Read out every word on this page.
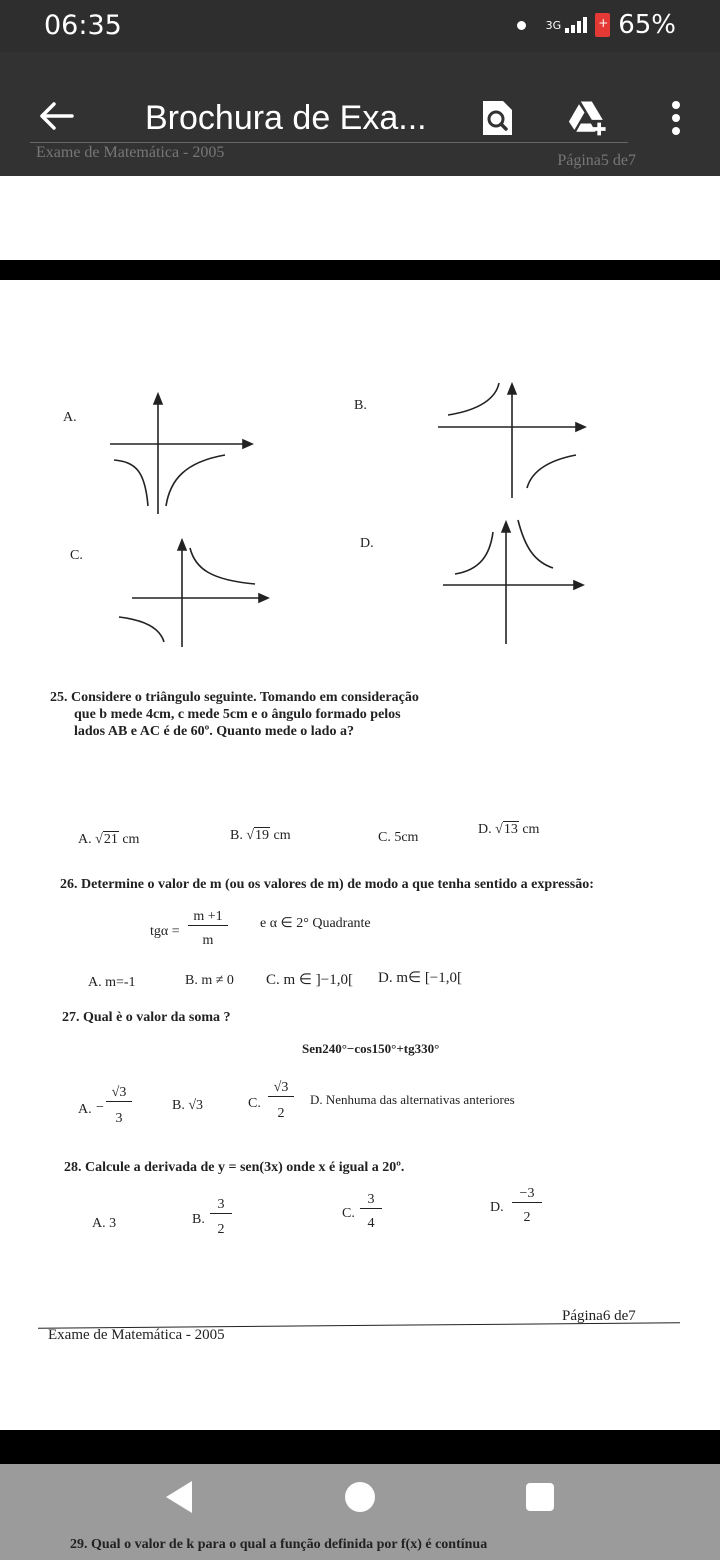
06:35	3G
+ 65%
Brochura de Exa...
Exame de Matemática - 2005	Página5 de7
A.
B.
C.
D.
25. Considere o triângulo seguinte. Tomando em consideração
que b mede 4cm, c mede 5cm e o ângulo formado pelos
lados AB e AC é de 60º. Quanto mede o lado a?
A. √21 cm	B. √19 cm	C. 5cm
D. √13 cm
26. Determine o valor de m (ou os valores de m) de modo a que tenha sentido a expressão:
tgα =
m +1
m
e α ∈ 2° Quadrante
A. m=-1	B. m ≠ 0 C. m ∈ ]−1,0[ D. m∈ [−1,0[
27. Qual è o valor da soma ?
Sen240°−cos150°+tg330°
A. −
√3
3
B. √3	C.
√3
2
D. Nenhuma das alternativas anteriores
28. Calcule a derivada de y = sen(3x) onde x é igual a 20º.
A. 3	B.
3
2
C.
3
4
D.
−3
2
Exame de Matemática - 2005
Página6 de7
29. Qual o valor de k para o qual a função definida por f(x) é contínua
